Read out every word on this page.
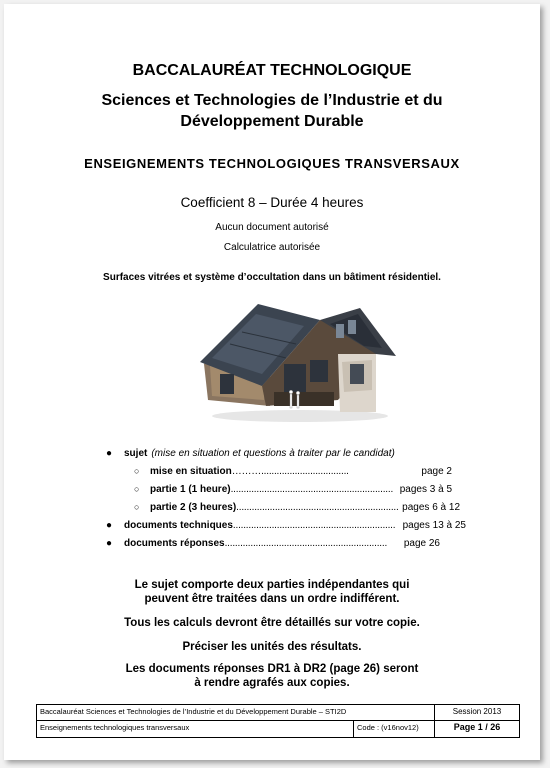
BACCALAURÉAT TECHNOLOGIQUE
Sciences et Technologies de l’Industrie et du
Développement Durable
ENSEIGNEMENTS TECHNOLOGIQUES TRANSVERSAUX
Coefficient 8 – Durée 4 heures
Aucun document autorisé
Calculatrice autorisée
Surfaces vitrées et système d’occultation dans un bâtiment résidentiel.
● sujet (mise en situation et questions à traiter par le candidat)
○ mise en situation ………..................................	page 2
○ partie 1 (1 heure) ............................................................... pages 3 à 5
○ partie 2 (3 heures) ............................................................... pages 6 à 12
● documents techniques ............................................................... pages 13 à 25
● documents réponses ...............................................................	page 26
Le sujet comporte deux parties indépendantes qui
peuvent être traitées dans un ordre indifférent.
Tous les calculs devront être détaillés sur votre copie.
Préciser les unités des résultats.
Les documents réponses DR1 à DR2 (page 26) seront
à rendre agrafés aux copies.
Baccalauréat Sciences et Technologies de l’Industrie et du Développement Durable – STI2D	Session 2013
Enseignements technologiques transversaux	Code : (v16nov12)	Page 1 / 26
